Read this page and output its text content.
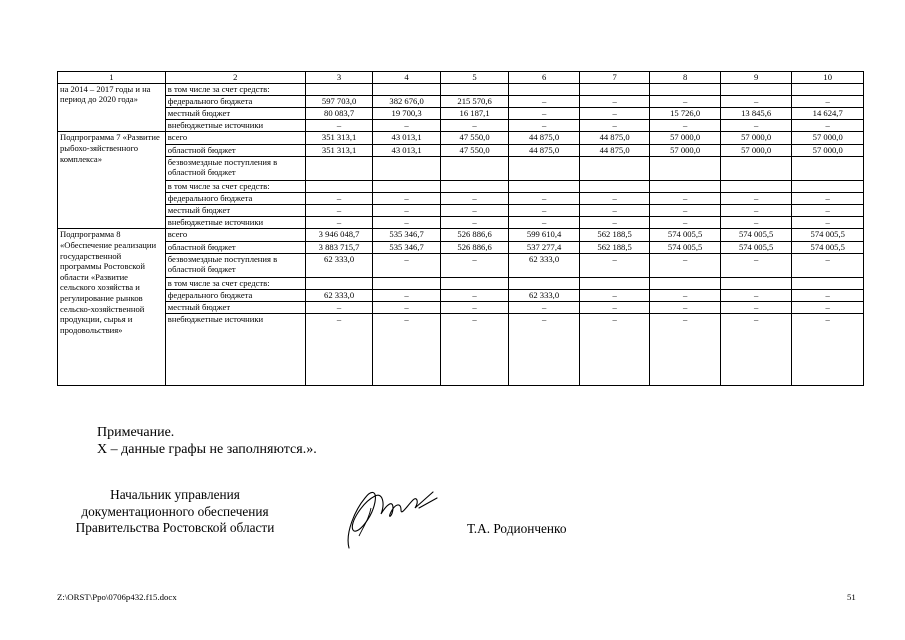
1	2	3	4	5	6	7	8	9	10
на 2014 – 2017 годы и на период до 2020 года»	в том числе за счет средств:								
	федерального бюджета	597 703,0	382 676,0	215 570,6	–	–	–	–	–
	местный бюджет	80 083,7	19 700,3	16 187,1	–	–	15 726,0	13 845,6	14 624,7
	внебюджетные источники	–	–	–	–	–	–	–	–
Подпрограмма 7 «Развитие рыбохо-зяйственного комплекса»	всего	351 313,1	43 013,1	47 550,0	44 875,0	44 875,0	57 000,0	57 000,0	57 000,0
	областной бюджет	351 313,1	43 013,1	47 550,0	44 875,0	44 875,0	57 000,0	57 000,0	57 000,0
	безвозмездные поступления в областной бюджет								
	в том числе за счет средств:								
	федерального бюджета	–	–	–	–	–	–	–	–
	местный бюджет	–	–	–	–	–	–	–	–
	внебюджетные источники	–	–	–	–	–	–	–	–
Подпрограмма 8 «Обеспечение реализации государственной программы Ростовской области «Развитие сельского хозяйства и регулирование рынков сельско-хозяйственной продукции, сырья и продовольствия»	всего	3 946 048,7	535 346,7	526 886,6	599 610,4	562 188,5	574 005,5	574 005,5	574 005,5
	областной бюджет	3 883 715,7	535 346,7	526 886,6	537 277,4	562 188,5	574 005,5	574 005,5	574 005,5
	безвозмездные поступления в областной бюджет	62 333,0	–	–	62 333,0	–	–	–	–
	в том числе за счет средств:								
	федерального бюджета	62 333,0	–	–	62 333,0	–	–	–	–
	местный бюджет	–	–	–	–	–	–	–	–
	внебюджетные источники	–	–	–	–	–	–	–	–
Примечание.
Х – данные графы не заполняются.».
Начальник управления
документационного обеспечения
Правительства Ростовской области	Т.А. Родионченко
Z:\ORST\Ppo\0706p432.f15.docx	51
